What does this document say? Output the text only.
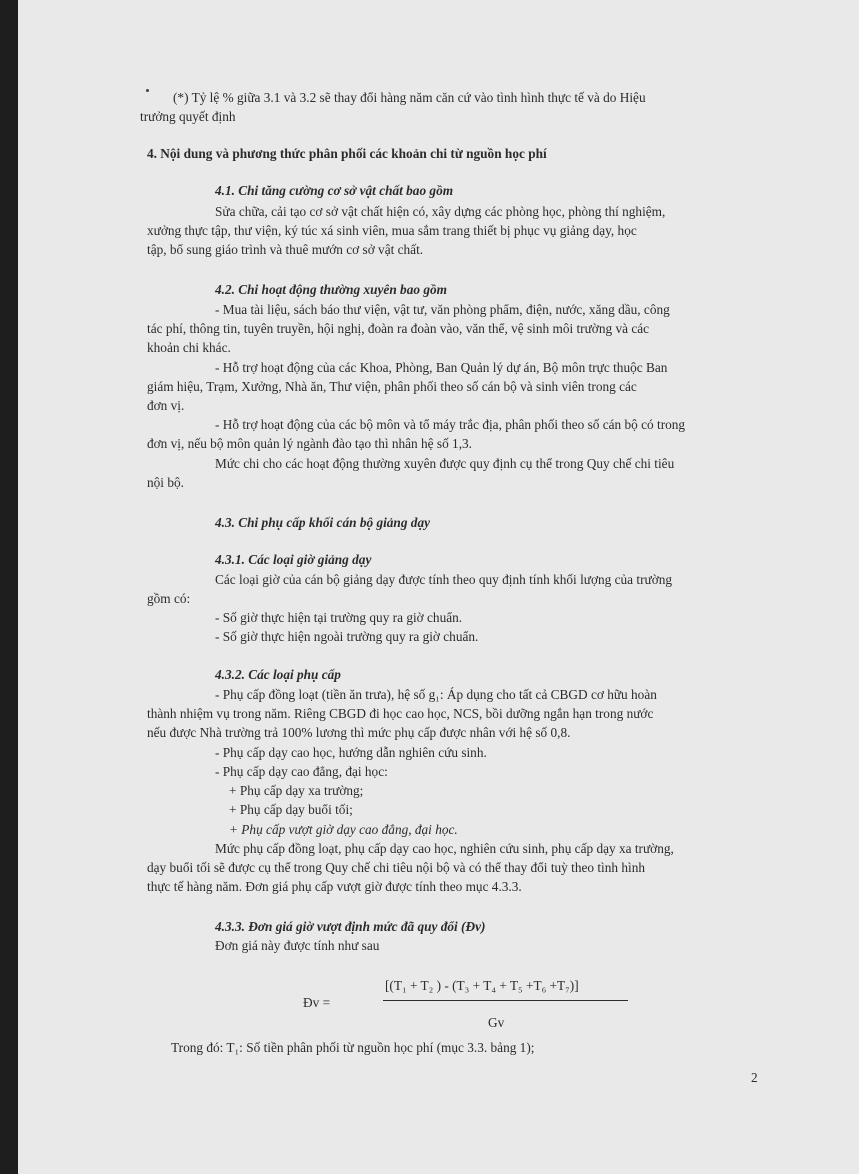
(*) Tỷ lệ % giữa 3.1 và 3.2 sẽ thay đổi hàng năm căn cứ vào tình hình thực tế và do Hiệu
trưởng quyết định
4. Nội dung và phương thức phân phối các khoản chi từ nguồn học phí
4.1. Chi tăng cường cơ sở vật chất bao gồm
Sửa chữa, cải tạo cơ sở vật chất hiện có, xây dựng các phòng học, phòng thí nghiệm,
xưởng thực tập, thư viện, ký túc xá sinh viên, mua sắm trang thiết bị phục vụ giảng dạy, học
tập, bổ sung giáo trình và thuê mướn cơ sở vật chất.
4.2. Chi hoạt động thường xuyên bao gồm
- Mua tài liệu, sách báo thư viện, vật tư, văn phòng phẩm, điện, nước, xăng dầu, công
tác phí, thông tin, tuyên truyền, hội nghị, đoàn ra đoàn vào, văn thể, vệ sinh môi trường và các
khoản chi khác.
- Hỗ trợ hoạt động của các Khoa, Phòng, Ban Quản lý dự án, Bộ môn trực thuộc Ban
giám hiệu, Trạm, Xưởng, Nhà ăn, Thư viện, phân phối theo số cán bộ và sinh viên trong các
đơn vị.
- Hỗ trợ hoạt động của các bộ môn và tổ máy trắc địa, phân phối theo số cán bộ có trong
đơn vị, nếu bộ môn quản lý ngành đào tạo thì nhân hệ số 1,3.
Mức chi cho các hoạt động thường xuyên được quy định cụ thể trong Quy chế chi tiêu
nội bộ.
4.3. Chi phụ cấp khối cán bộ giảng dạy
4.3.1. Các loại giờ giảng dạy
Các loại giờ của cán bộ giảng dạy được tính theo quy định tính khối lượng của trường
gồm có:
- Số giờ thực hiện tại trường quy ra giờ chuẩn.
- Số giờ thực hiện ngoài trường quy ra giờ chuẩn.
4.3.2. Các loại phụ cấp
- Phụ cấp đồng loạt (tiền ăn trưa), hệ số g₁: Áp dụng cho tất cả CBGD cơ hữu hoàn
thành nhiệm vụ trong năm. Riêng CBGD đi học cao học, NCS, bồi dưỡng ngắn hạn trong nước
nếu được Nhà trường trả 100% lương thì mức phụ cấp được nhân với hệ số 0,8.
- Phụ cấp dạy cao học, hướng dẫn nghiên cứu sinh.
- Phụ cấp dạy cao đẳng, đại học:
+ Phụ cấp dạy xa trường;
+ Phụ cấp dạy buổi tối;
+ Phụ cấp vượt giờ dạy cao đẳng, đại học.
Mức phụ cấp đồng loạt, phụ cấp dạy cao học, nghiên cứu sinh, phụ cấp dạy xa trường,
dạy buổi tối sẽ được cụ thể trong Quy chế chi tiêu nội bộ và có thể thay đổi tuỳ theo tình hình
thực tế hàng năm. Đơn giá phụ cấp vượt giờ được tính theo mục 4.3.3.
4.3.3. Đơn giá giờ vượt định mức đã quy đổi (Đv)
Đơn giá này được tính như sau
[(T₁ + T₂ ) - (T₃ + T₄ + T₅ +T₆ +T₇)]
Đv =
Gv
Trong đó: T₁: Số tiền phân phối từ nguồn học phí (mục 3.3. bảng 1);
2
